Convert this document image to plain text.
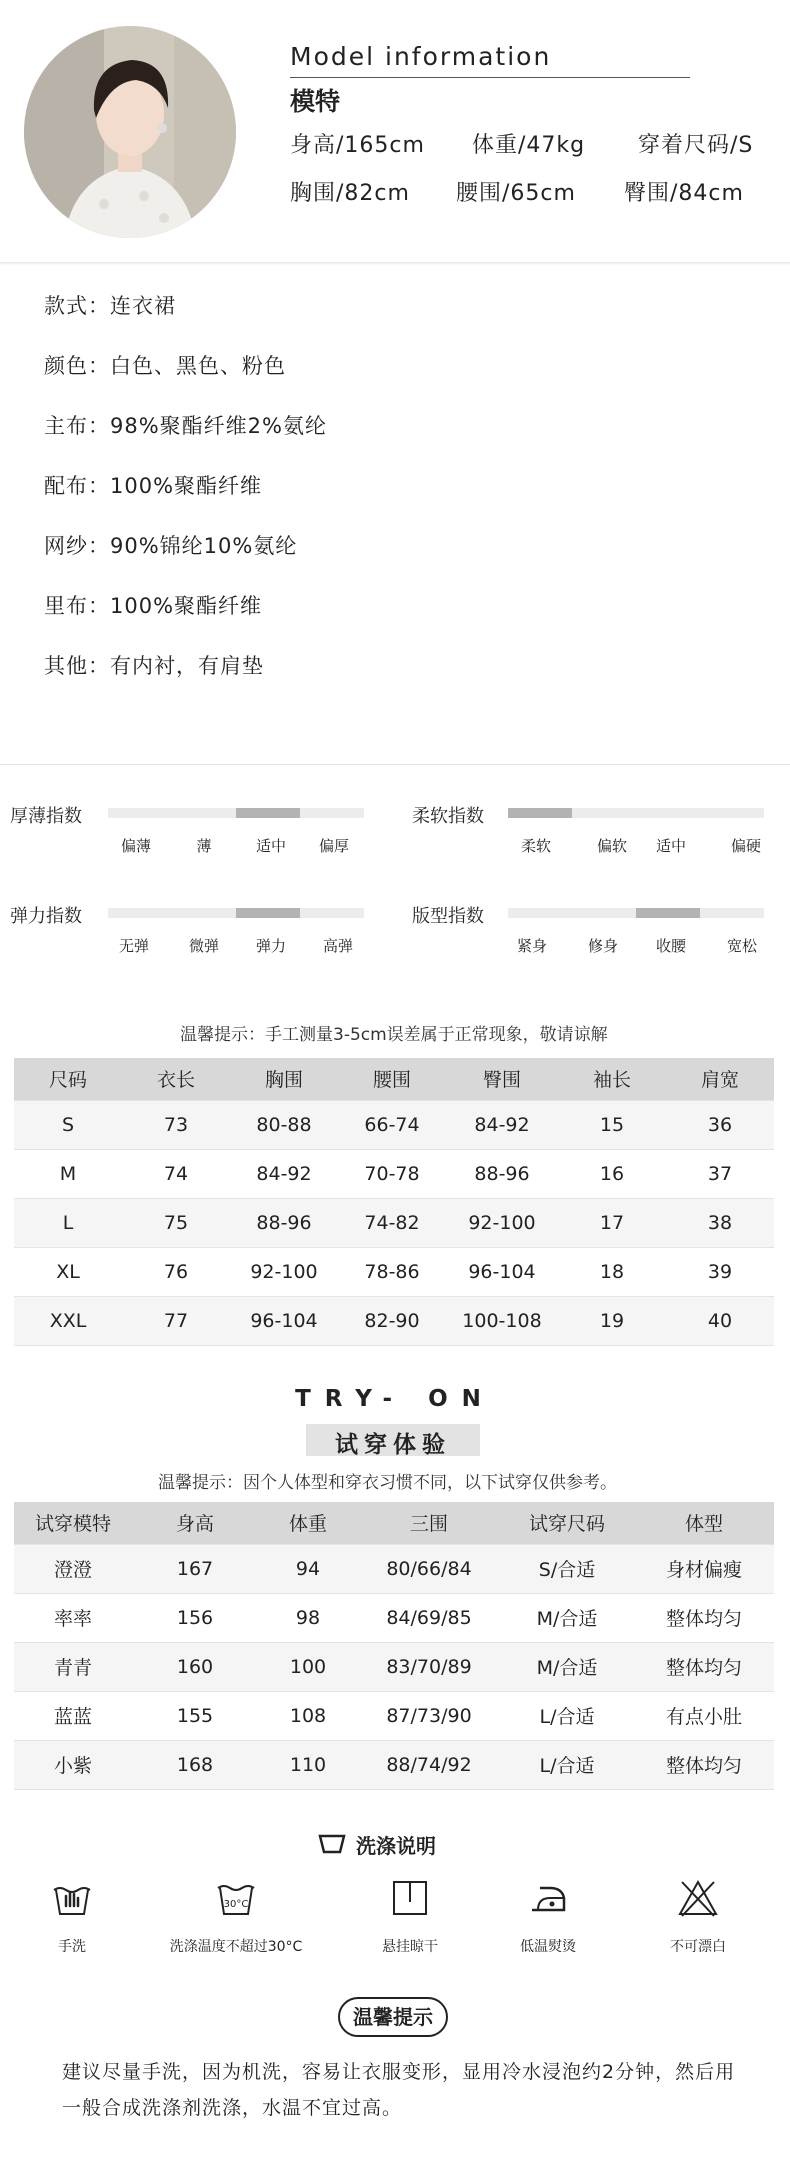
Model information
模特
身高/165cm 体重/47kg 穿着尺码/S
胸围/82cm 腰围/65cm 臀围/84cm
款式：连衣裙
颜色：白色、黑色、粉色
主布：98%聚酯纤维2%氨纶
配布：100%聚酯纤维
网纱：90%锦纶10%氨纶
里布：100%聚酯纤维
其他：有内衬，有肩垫
厚薄指数
偏薄	薄	适中 偏厚
柔软指数
柔软	偏软 适中	偏硬
弹力指数
无弹	微弹 弹力 高弹
版型指数
紧身	修身	收腰	宽松
温馨提示：手工测量3-5cm误差属于正常现象，敬请谅解
尺码	衣长	胸围	腰围	臀围	袖长	肩宽
S	73	80-88	66-74	84-92	15	36
M	74	84-92	70-78	88-96	16	37
L	75	88-96	74-82	92-100	17	38
XL	76	92-100	78-86	96-104	18	39
XXL	77	96-104	82-90	100-108	19	40
TRY- ON
试穿体验
温馨提示：因个人体型和穿衣习惯不同，以下试穿仅供参考。
试穿模特	身高	体重	三围	试穿尺码	体型
澄澄	167	94	80/66/84	S/合适	身材偏瘦
率率	156	98	84/69/85	M/合适	整体均匀
青青	160	100	83/70/89	M/合适	整体均匀
蓝蓝	155	108	87/73/90	L/合适	有点小肚
小紫	168	110	88/74/92	L/合适	整体均匀
洗涤说明
30°C
手洗	洗涤温度不超过30°C	悬挂晾干	低温熨烫	不可漂白
温馨提示
建议尽量手洗，因为机洗，容易让衣服变形，显用冷水浸泡约2分钟，然后用一般合成洗涤剂洗涤，水温不宜过高。
